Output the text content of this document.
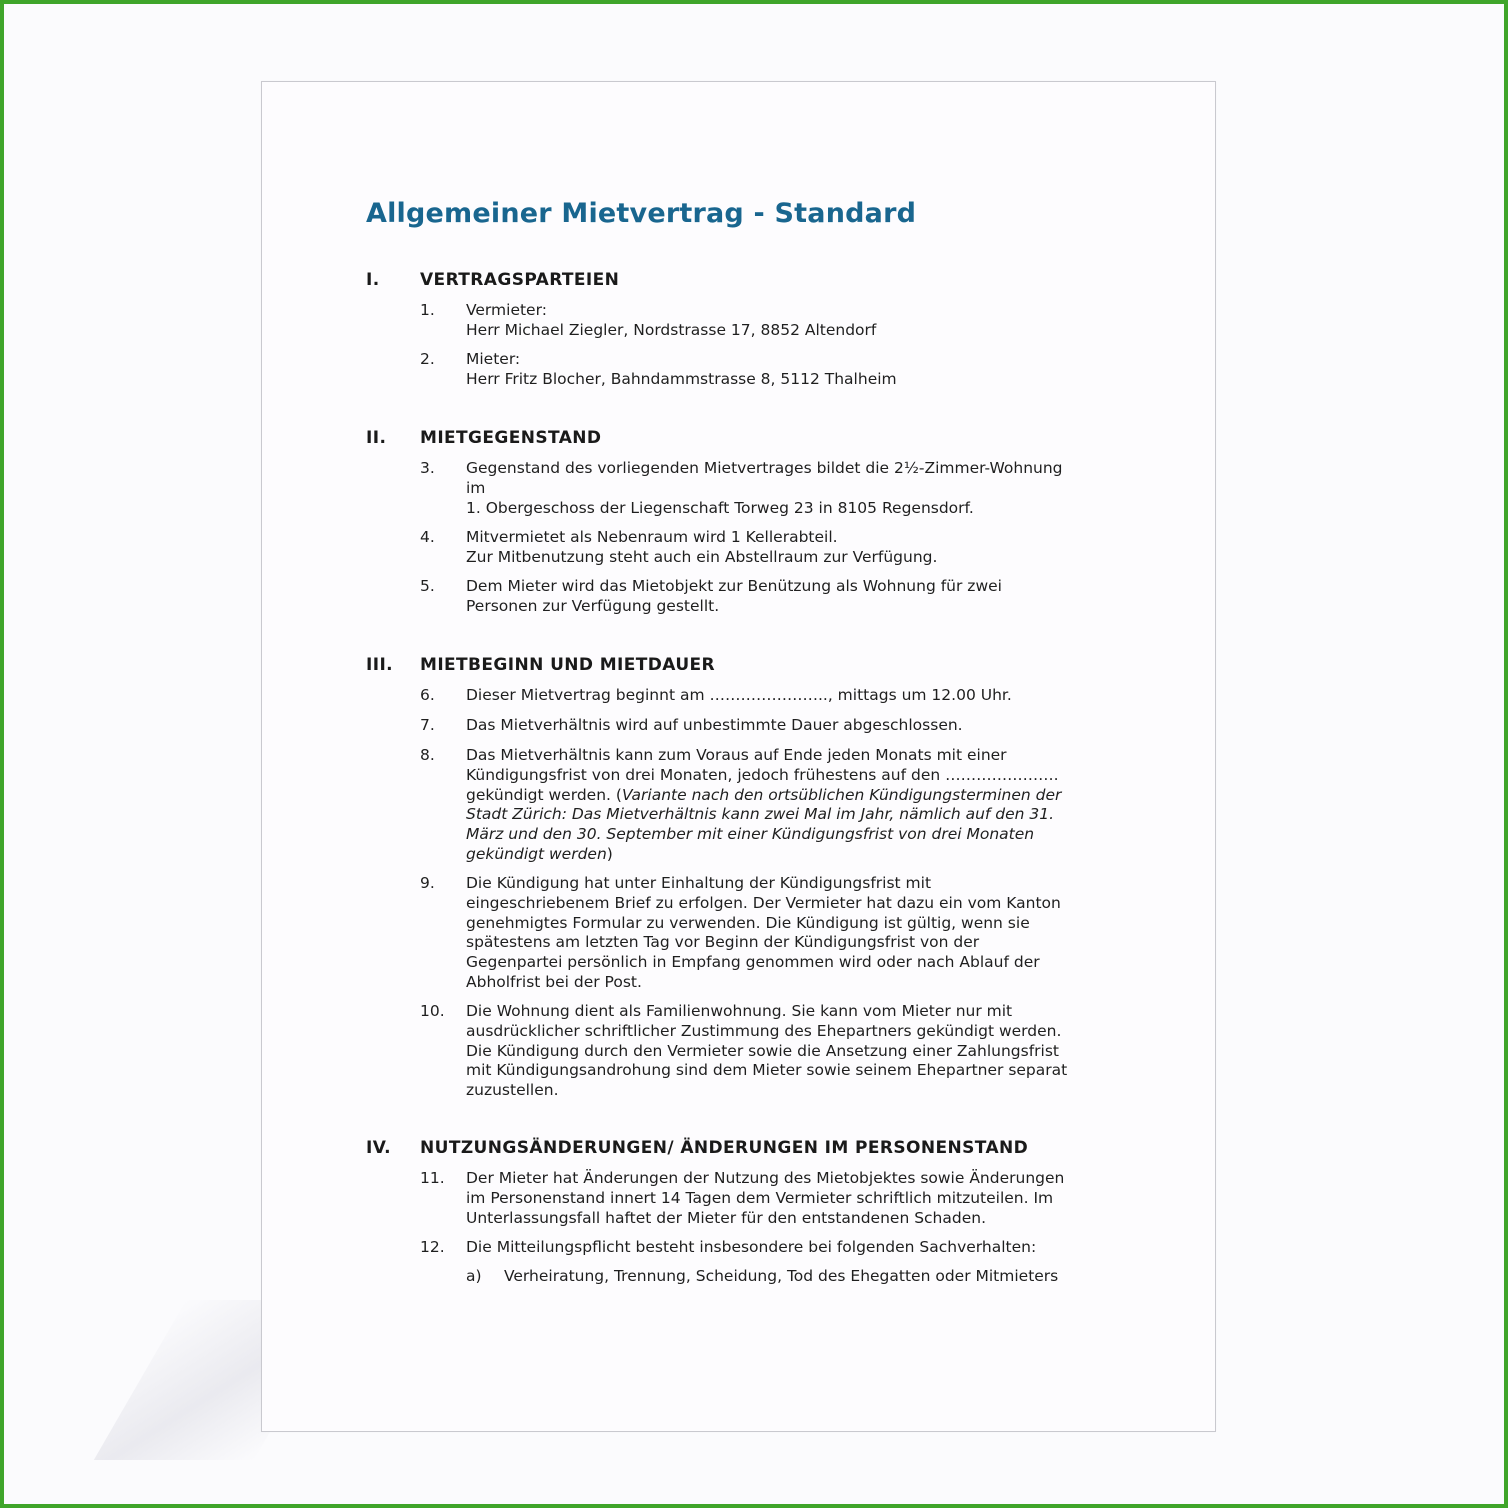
Allgemeiner Mietvertrag - Standard
I. VERTRAGSPARTEIEN
1. Vermieter:
Herr Michael Ziegler, Nordstrasse 17, 8852 Altendorf
2. Mieter:
Herr Fritz Blocher, Bahndammstrasse 8, 5112 Thalheim
II. MIETGEGENSTAND
3. Gegenstand des vorliegenden Mietvertrages bildet die 2½-Zimmer-Wohnung
im
1. Obergeschoss der Liegenschaft Torweg 23 in 8105 Regensdorf.
4. Mitvermietet als Nebenraum wird 1 Kellerabteil.
Zur Mitbenutzung steht auch ein Abstellraum zur Verfügung.
5. Dem Mieter wird das Mietobjekt zur Benützung als Wohnung für zwei
Personen zur Verfügung gestellt.
III. MIETBEGINN UND MIETDAUER
6. Dieser Mietvertrag beginnt am ………………….., mittags um 12.00 Uhr.
7. Das Mietverhältnis wird auf unbestimmte Dauer abgeschlossen.
8. Das Mietverhältnis kann zum Voraus auf Ende jeden Monats mit einer
Kündigungsfrist von drei Monaten, jedoch frühestens auf den ………………….
gekündigt werden. (Variante nach den ortsüblichen Kündigungsterminen der
Stadt Zürich: Das Mietverhältnis kann zwei Mal im Jahr, nämlich auf den 31.
März und den 30. September mit einer Kündigungsfrist von drei Monaten
gekündigt werden)
9. Die Kündigung hat unter Einhaltung der Kündigungsfrist mit
eingeschriebenem Brief zu erfolgen. Der Vermieter hat dazu ein vom Kanton
genehmigtes Formular zu verwenden. Die Kündigung ist gültig, wenn sie
spätestens am letzten Tag vor Beginn der Kündigungsfrist von der
Gegenpartei persönlich in Empfang genommen wird oder nach Ablauf der
Abholfrist bei der Post.
10. Die Wohnung dient als Familienwohnung. Sie kann vom Mieter nur mit
ausdrücklicher schriftlicher Zustimmung des Ehepartners gekündigt werden.
Die Kündigung durch den Vermieter sowie die Ansetzung einer Zahlungsfrist
mit Kündigungsandrohung sind dem Mieter sowie seinem Ehepartner separat
zuzustellen.
IV. NUTZUNGSÄNDERUNGEN/ ÄNDERUNGEN IM PERSONENSTAND
11. Der Mieter hat Änderungen der Nutzung des Mietobjektes sowie Änderungen
im Personenstand innert 14 Tagen dem Vermieter schriftlich mitzuteilen. Im
Unterlassungsfall haftet der Mieter für den entstandenen Schaden.
12. Die Mitteilungspflicht besteht insbesondere bei folgenden Sachverhalten:
a) Verheiratung, Trennung, Scheidung, Tod des Ehegatten oder Mitmieters
